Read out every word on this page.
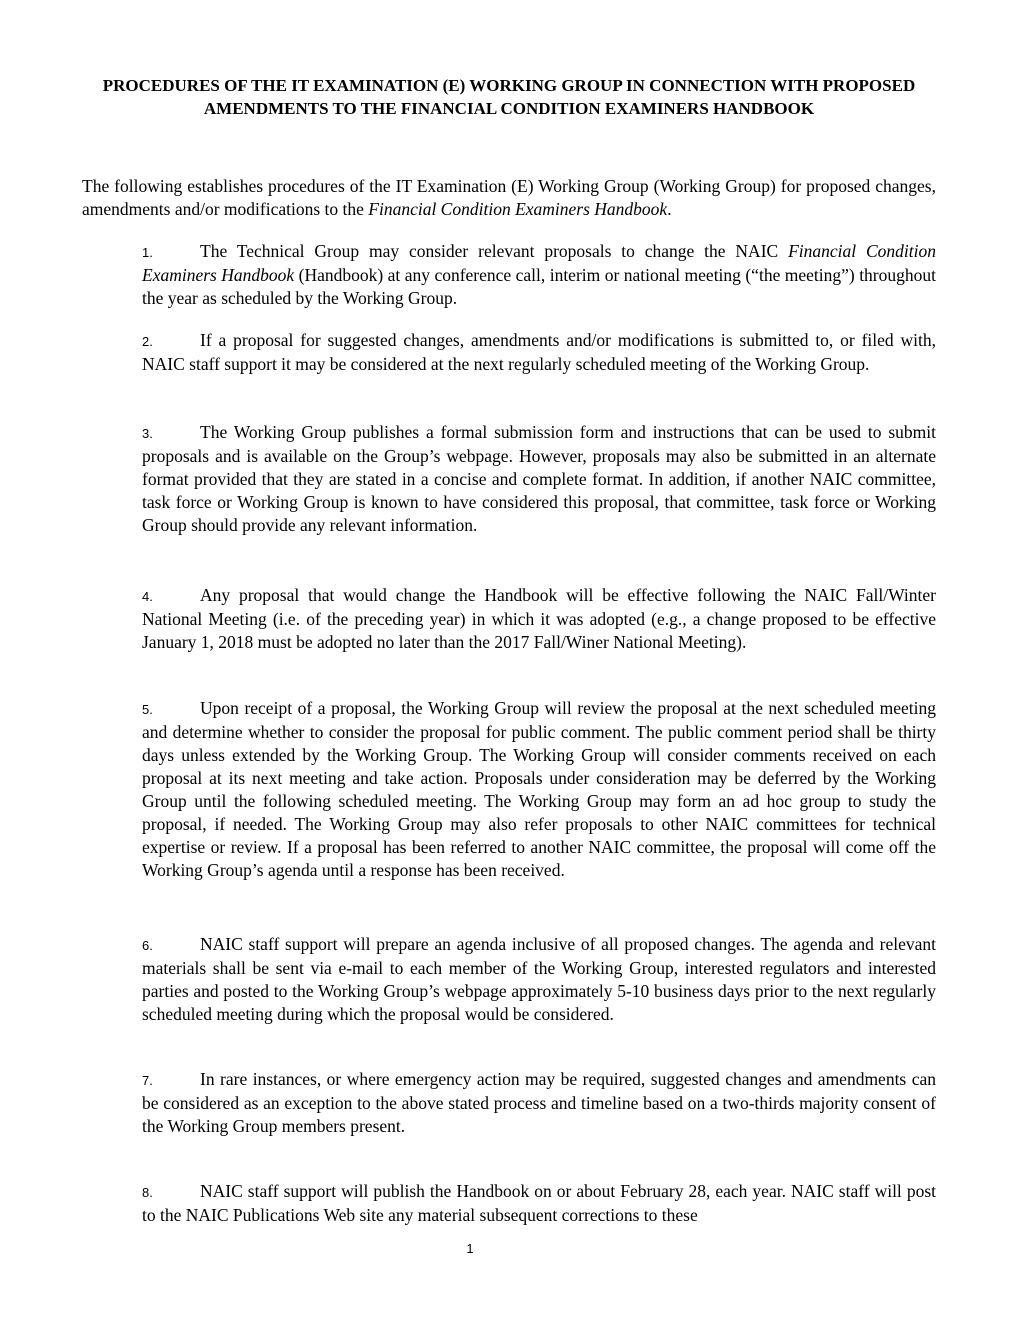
PROCEDURES OF THE IT EXAMINATION (E) WORKING GROUP IN CONNECTION WITH PROPOSED AMENDMENTS TO THE FINANCIAL CONDITION EXAMINERS HANDBOOK

The following establishes procedures of the IT Examination (E) Working Group (Working Group) for proposed changes, amendments and/or modifications to the Financial Condition Examiners Handbook.

1.	The Technical Group may consider relevant proposals to change the NAIC Financial Condition Examiners Handbook (Handbook) at any conference call, interim or national meeting (“the meeting”) throughout the year as scheduled by the Working Group.
2.	If a proposal for suggested changes, amendments and/or modifications is submitted to, or filed with, NAIC staff support it may be considered at the next regularly scheduled meeting of the Working Group.
3.	The Working Group publishes a formal submission form and instructions that can be used to submit proposals and is available on the Group’s webpage. However, proposals may also be submitted in an alternate format provided that they are stated in a concise and complete format. In addition, if another NAIC committee, task force or Working Group is known to have considered this proposal, that committee, task force or Working Group should provide any relevant information.
4.	Any proposal that would change the Handbook will be effective following the NAIC Fall/Winter National Meeting (i.e. of the preceding year) in which it was adopted (e.g., a change proposed to be effective January 1, 2018 must be adopted no later than the 2017 Fall/Winer National Meeting).
5.	Upon receipt of a proposal, the Working Group will review the proposal at the next scheduled meeting and determine whether to consider the proposal for public comment. The public comment period shall be thirty days unless extended by the Working Group. The Working Group will consider comments received on each proposal at its next meeting and take action. Proposals under consideration may be deferred by the Working Group until the following scheduled meeting. The Working Group may form an ad hoc group to study the proposal, if needed. The Working Group may also refer proposals to other NAIC committees for technical expertise or review. If a proposal has been referred to another NAIC committee, the proposal will come off the Working Group’s agenda until a response has been received.
6.	NAIC staff support will prepare an agenda inclusive of all proposed changes. The agenda and relevant materials shall be sent via e-mail to each member of the Working Group, interested regulators and interested parties and posted to the Working Group’s webpage approximately 5-10 business days prior to the next regularly scheduled meeting during which the proposal would be considered.
7.	In rare instances, or where emergency action may be required, suggested changes and amendments can be considered as an exception to the above stated process and timeline based on a two-thirds majority consent of the Working Group members present.
8.	NAIC staff support will publish the Handbook on or about February 28, each year. NAIC staff will post to the NAIC Publications Web site any material subsequent corrections to these
1
